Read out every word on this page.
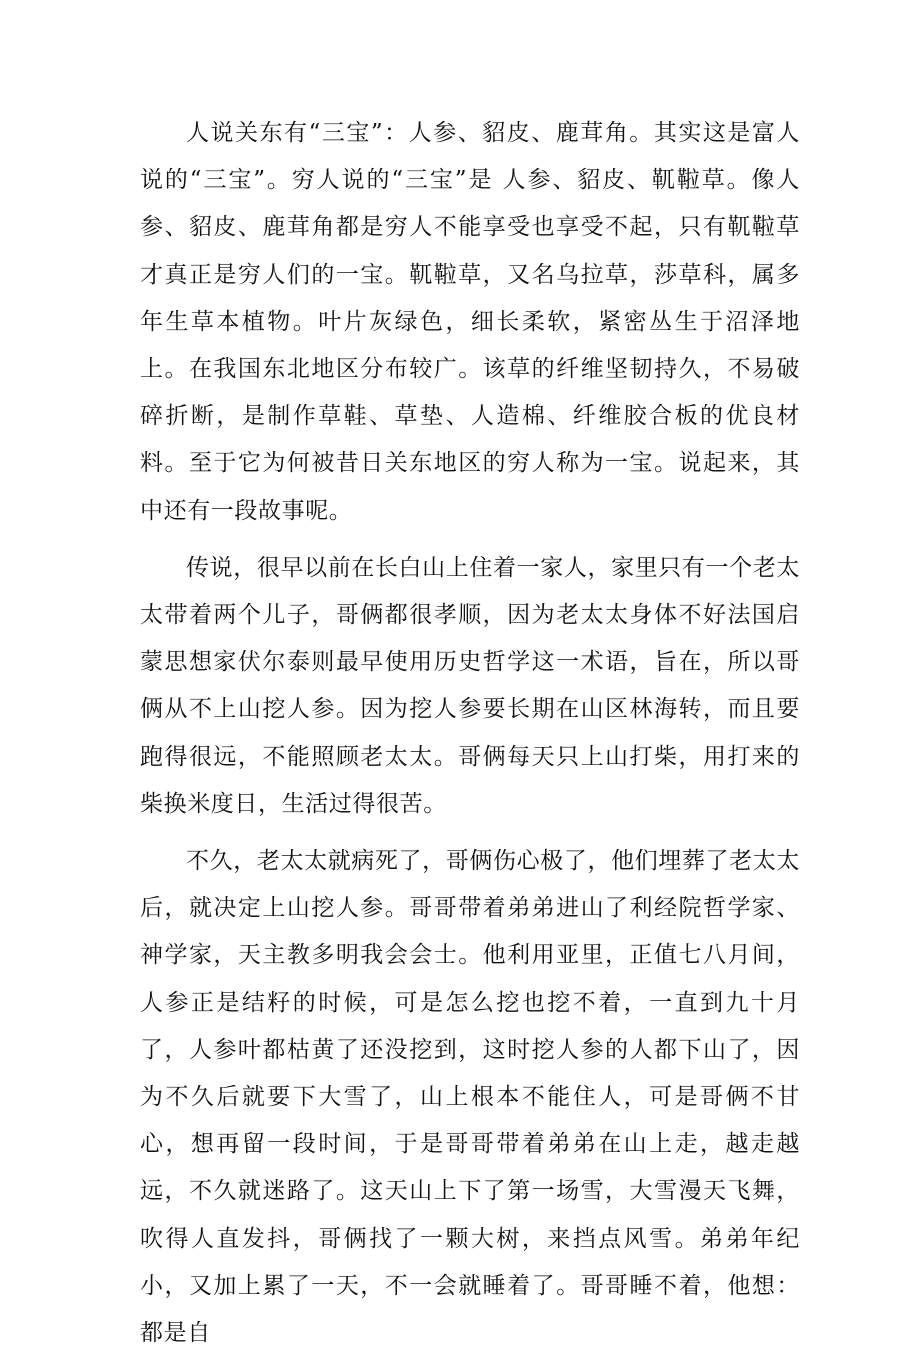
人说关东有“三宝”：人参、貂皮、鹿茸角。其实这是富人说的“三宝”。穷人说的“三宝”是 人参、貂皮、靰鞡草。像人参、貂皮、鹿茸角都是穷人不能享受也享受不起，只有靰鞡草才真正是穷人们的一宝。靰鞡草，又名乌拉草，莎草科，属多年生草本植物。叶片灰绿色，细长柔软，紧密丛生于沼泽地上。在我国东北地区分布较广。该草的纤维坚韧持久，不易破碎折断，是制作草鞋、草垫、人造棉、纤维胶合板的优良材料。至于它为何被昔日关东地区的穷人称为一宝。说起来，其中还有一段故事呢。

传说，很早以前在长白山上住着一家人，家里只有一个老太太带着两个儿子，哥俩都很孝顺，因为老太太身体不好法国启蒙思想家伏尔泰则最早使用历史哲学这一术语，旨在，所以哥俩从不上山挖人参。因为挖人参要长期在山区林海转，而且要跑得很远，不能照顾老太太。哥俩每天只上山打柴，用打来的柴换米度日，生活过得很苦。

不久，老太太就病死了，哥俩伤心极了，他们埋葬了老太太后，就决定上山挖人参。哥哥带着弟弟进山了利经院哲学家、神学家，天主教多明我会会士。他利用亚里，正值七八月间，人参正是结籽的时候，可是怎么挖也挖不着，一直到九十月了，人参叶都枯黄了还没挖到，这时挖人参的人都下山了，因为不久后就要下大雪了，山上根本不能住人，可是哥俩不甘心，想再留一段时间，于是哥哥带着弟弟在山上走，越走越远，不久就迷路了。这天山上下了第一场雪，大雪漫天飞舞，吹得人直发抖，哥俩找了一颗大树，来挡点风雪。弟弟年纪小，又加上累了一天，不一会就睡着了。哥哥睡不着，他想：都是自
